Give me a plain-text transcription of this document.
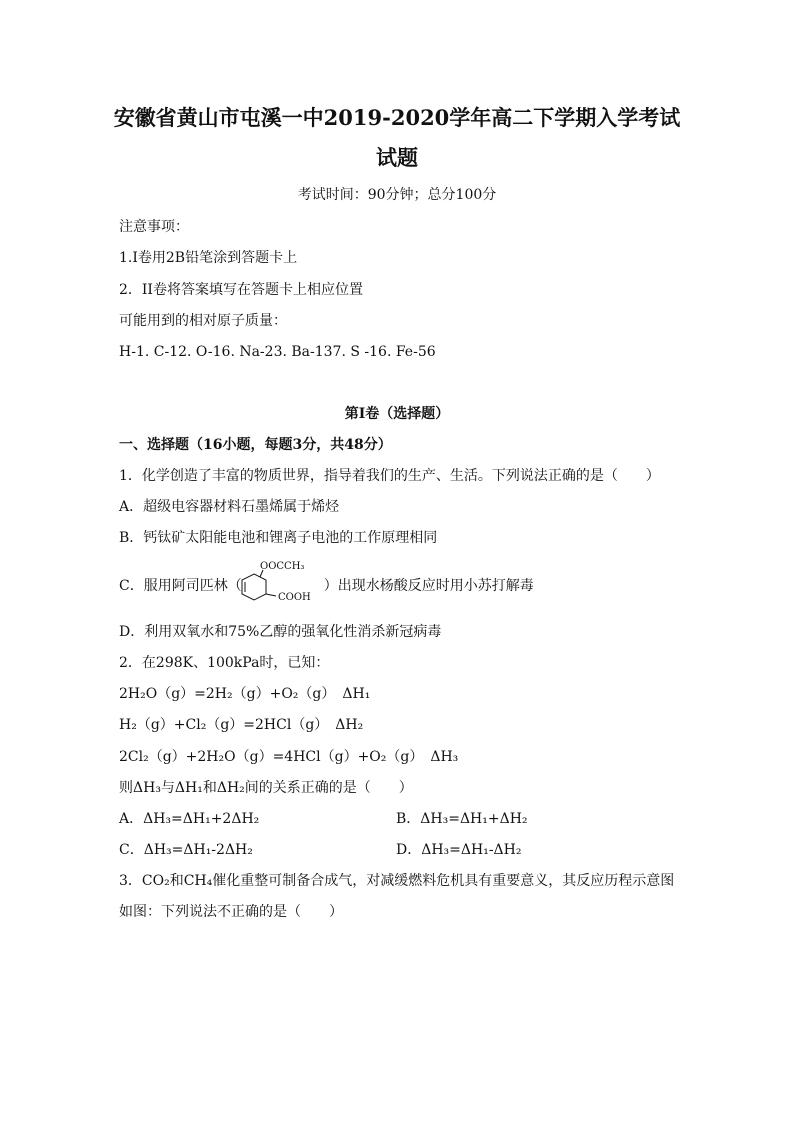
安徽省黄山市屯溪一中2019-2020学年高二下学期入学考试
试题
考试时间：90分钟；总分100分
注意事项：
1.I卷用2B铅笔涂到答题卡上
2．II卷将答案填写在答题卡上相应位置
可能用到的相对原子质量：
H-1. C-12. O-16. Na-23. Ba-137. S -16. Fe-56
第I卷（选择题）
一、选择题（16小题，每题3分，共48分）
1．化学创造了丰富的物质世界，指导着我们的生产、生活。下列说法正确的是（　　）
A．超级电容器材料石墨烯属于烯烃
B．钙钛矿太阳能电池和锂离子电池的工作原理相同
C．服用阿司匹林（	）出现水杨酸反应时用小苏打解毒
OOCCH₃
COOH
D．利用双氧水和75%乙醇的强氧化性消杀新冠病毒
2．在298K、100kPa时，已知：
2H₂O（g）=2H₂（g）+O₂（g）　ΔH₁
H₂（g）+Cl₂（g）=2HCl（g）　ΔH₂
2Cl₂（g）+2H₂O（g）=4HCl（g）+O₂（g）　ΔH₃
则ΔH₃与ΔH₁和ΔH₂间的关系正确的是（　　）
A．ΔH₃=ΔH₁+2ΔH₂	B．ΔH₃=ΔH₁+ΔH₂
C．ΔH₃=ΔH₁-2ΔH₂	D．ΔH₃=ΔH₁-ΔH₂
3．CO₂和CH₄催化重整可制备合成气，对减缓燃料危机具有重要意义，其反应历程示意图
如图：下列说法不正确的是（　　）
